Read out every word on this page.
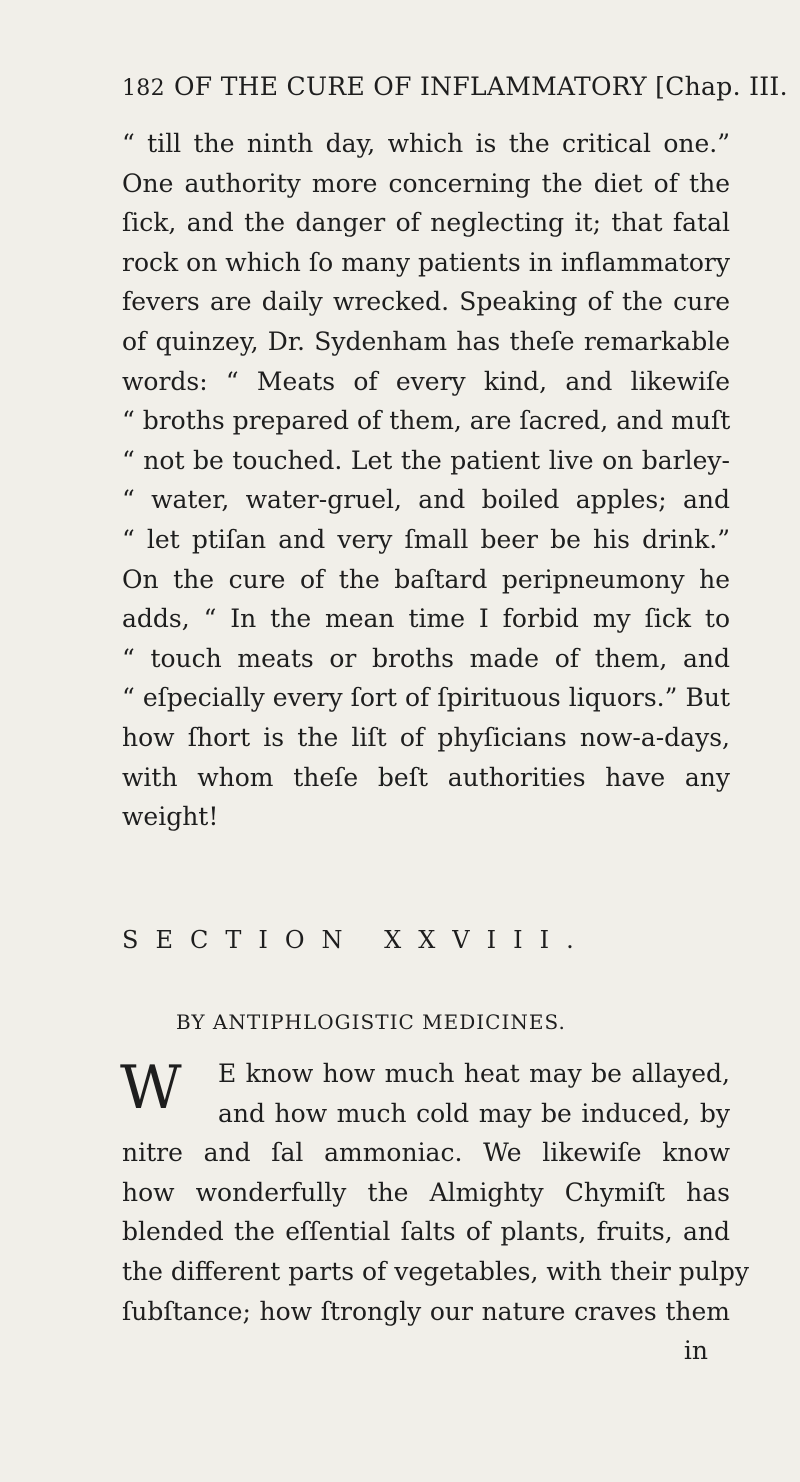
182 OF THE CURE OF INFLAMMATORY [Chap. III.
“ till the ninth day, which is the critical one.”
One authority more concerning the diet of the
ſick, and the danger of neglecting it; that fatal
rock on which ſo many patients in inflammatory
fevers are daily wrecked. Speaking of the cure
of quinzey, Dr. Sydenham has theſe remarkable
words: “ Meats of every kind, and likewiſe
“ broths prepared of them, are ſacred, and muſt
“ not be touched. Let the patient live on barley-
“ water, water-gruel, and boiled apples; and
“ let ptiſan and very ſmall beer be his drink.”
On the cure of the baſtard peripneumony he
adds, “ In the mean time I forbid my ſick to
“ touch meats or broths made of them, and
“ eſpecially every ſort of ſpirituous liquors.” But
how ſhort is the liſt of phyſicians now-a-days,
with whom theſe beſt authorities have any
weight!
SECTION XXVIII.
BY ANTIPHLOGISTIC MEDICINES.
W	E know how much heat may be allayed,
and how much cold may be induced, by
nitre and ſal ammoniac. We likewiſe know
how wonderfully the Almighty Chymiſt has
blended the eſſential ſalts of plants, fruits, and
the different parts of vegetables, with their pulpy
ſubſtance; how ſtrongly our nature craves them
in
